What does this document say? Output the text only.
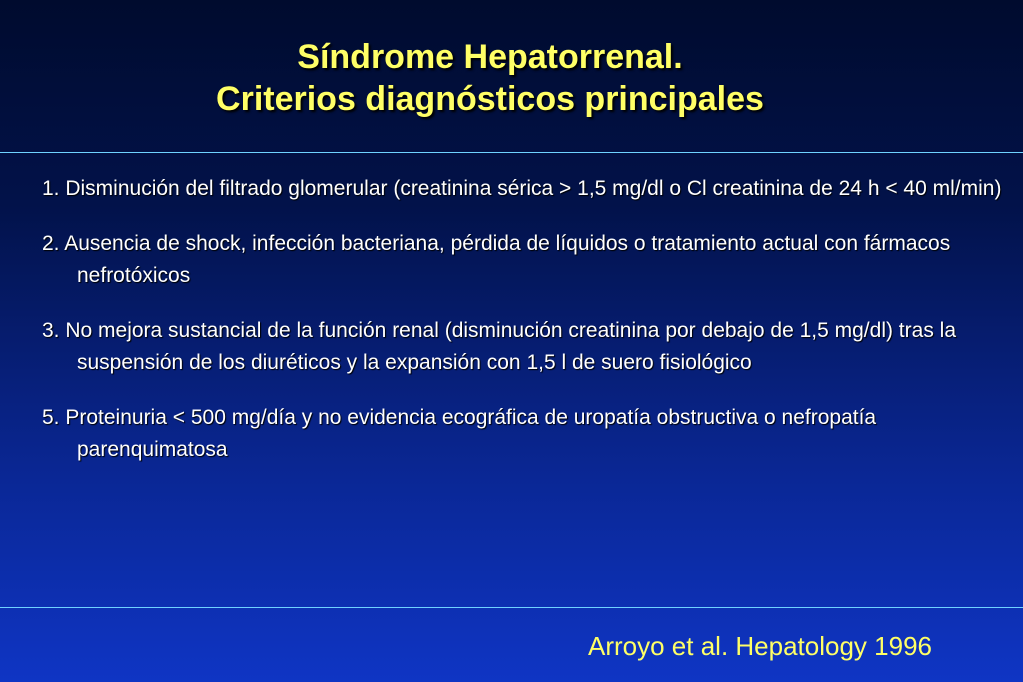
Síndrome Hepatorrenal.
Criterios diagnósticos principales
1. Disminución del filtrado glomerular (creatinina sérica > 1,5 mg/dl o Cl creatinina de 24 h < 40 ml/min)
2. Ausencia de shock, infección bacteriana, pérdida de líquidos o tratamiento actual con fármacos nefrotóxicos
3. No mejora sustancial de la función renal (disminución creatinina por debajo de 1,5 mg/dl) tras la suspensión de los diuréticos y la expansión con 1,5 l de suero fisiológico
5. Proteinuria < 500 mg/día y no evidencia ecográfica de uropatía obstructiva o nefropatía parenquimatosa
Arroyo et al. Hepatology 1996
